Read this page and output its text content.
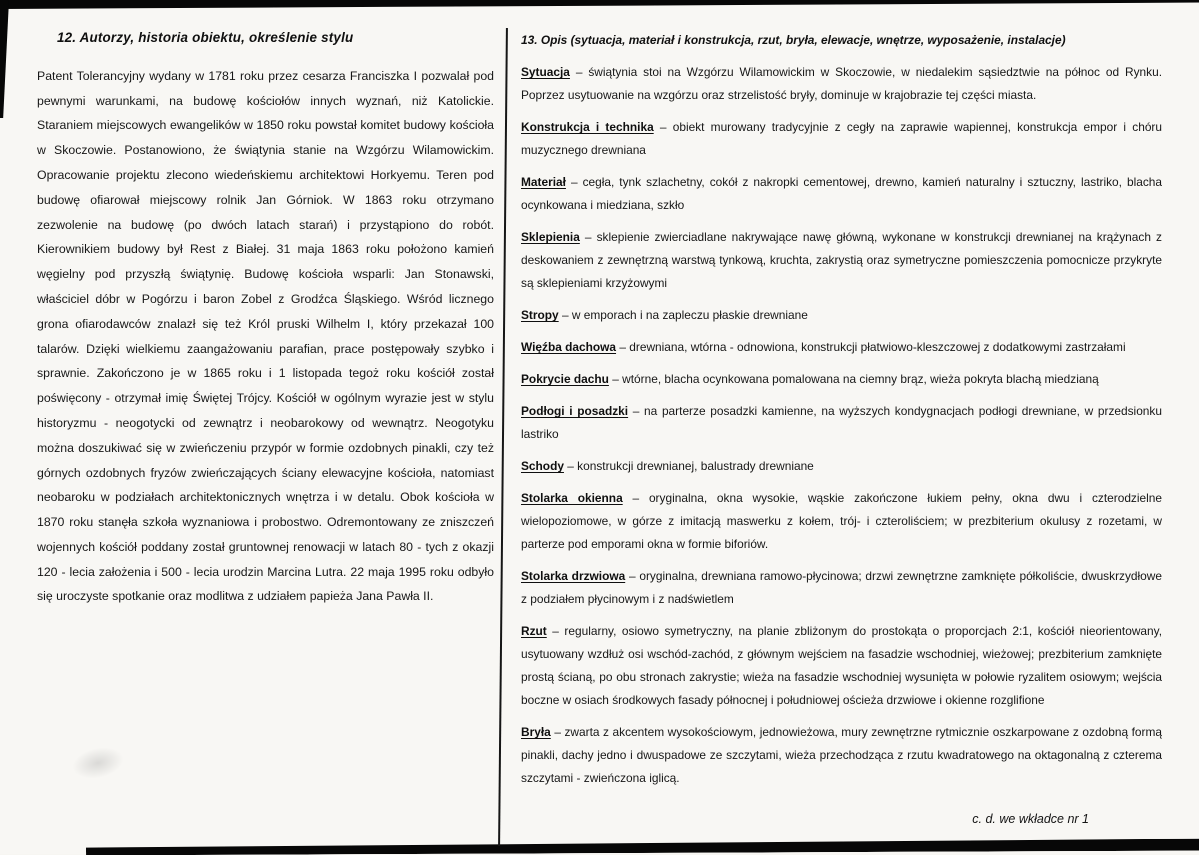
12. Autorzy, historia obiektu, określenie stylu

Patent Tolerancyjny wydany w 1781 roku przez cesarza Franciszka I pozwalał pod pewnymi warunkami, na budowę kościołów innych wyznań, niż Katolickie. Staraniem miejscowych ewangelików w 1850 roku powstał komitet budowy kościoła w Skoczowie. Postanowiono, że świątynia stanie na Wzgórzu Wilamowickim. Opracowanie projektu zlecono wiedeńskiemu architektowi Horkyemu. Teren pod budowę ofiarował miejscowy rolnik Jan Górniok. W 1863 roku otrzymano zezwolenie na budowę (po dwóch latach starań) i przystąpiono do robót. Kierownikiem budowy był Rest z Białej. 31 maja 1863 roku położono kamień węgielny pod przyszłą świątynię. Budowę kościoła wsparli: Jan Stonawski, właściciel dóbr w Pogórzu i baron Zobel z Grodźca Śląskiego. Wśród licznego grona ofiarodawców znalazł się też Król pruski Wilhelm I, który przekazał 100 talarów. Dzięki wielkiemu zaangażowaniu parafian, prace postępowały szybko i sprawnie. Zakończono je w 1865 roku i 1 listopada tegoż roku kościół został poświęcony - otrzymał imię Świętej Trójcy. Kościół w ogólnym wyrazie jest w stylu historyzmu - neogotycki od zewnątrz i neobarokowy od wewnątrz. Neogotyku można doszukiwać się w zwieńczeniu przypór w formie ozdobnych pinakli, czy też górnych ozdobnych fryzów zwieńczających ściany elewacyjne kościoła, natomiast neobaroku w podziałach architektonicznych wnętrza i w detalu. Obok kościoła w 1870 roku stanęła szkoła wyznaniowa i probostwo. Odremontowany ze zniszczeń wojennych kościół poddany został gruntownej renowacji w latach 80 - tych z okazji 120 - lecia założenia i 500 - lecia urodzin Marcina Lutra. 22 maja 1995 roku odbyło się uroczyste spotkanie oraz modlitwa z udziałem papieża Jana Pawła II.

13. Opis (sytuacja, materiał i konstrukcja, rzut, bryła, elewacje, wnętrze, wyposażenie, instalacje)

Sytuacja – świątynia stoi na Wzgórzu Wilamowickim w Skoczowie, w niedalekim sąsiedztwie na północ od Rynku. Poprzez usytuowanie na wzgórzu oraz strzelistość bryły, dominuje w krajobrazie tej części miasta.

Konstrukcja i technika – obiekt murowany tradycyjnie z cegły na zaprawie wapiennej, konstrukcja empor i chóru muzycznego drewniana

Materiał – cegła, tynk szlachetny, cokół z nakropki cementowej, drewno, kamień naturalny i sztuczny, lastriko, blacha ocynkowana i miedziana, szkło

Sklepienia – sklepienie zwierciadlane nakrywające nawę główną, wykonane w konstrukcji drewnianej na krążynach z deskowaniem z zewnętrzną warstwą tynkową, kruchta, zakrystią oraz symetryczne pomieszczenia pomocnicze przykryte są sklepieniami krzyżowymi

Stropy – w emporach i na zapleczu płaskie drewniane

Więźba dachowa – drewniana, wtórna - odnowiona, konstrukcji płatwiowo-kleszczowej z dodatkowymi zastrzałami

Pokrycie dachu – wtórne, blacha ocynkowana pomalowana na ciemny brąz, wieża pokryta blachą miedzianą

Podłogi i posadzki – na parterze posadzki kamienne, na wyższych kondygnacjach podłogi drewniane, w przedsionku lastriko

Schody – konstrukcji drewnianej, balustrady drewniane

Stolarka okienna – oryginalna, okna wysokie, wąskie zakończone łukiem pełny, okna dwu i czterodzielne wielopoziomowe, w górze z imitacją maswerku z kołem, trój- i czteroliściem; w prezbiterium okulusy z rozetami, w parterze pod emporami okna w formie biforiów.

Stolarka drzwiowa – oryginalna, drewniana ramowo-płycinowa; drzwi zewnętrzne zamknięte półkoliście, dwuskrzydłowe z podziałem płycinowym i z nadświetlem

Rzut – regularny, osiowo symetryczny, na planie zbliżonym do prostokąta o proporcjach 2:1, kościół nieorientowany, usytuowany wzdłuż osi wschód-zachód, z głównym wejściem na fasadzie wschodniej, wieżowej; prezbiterium zamknięte prostą ścianą, po obu stronach zakrystie; wieża na fasadzie wschodniej wysunięta w połowie ryzalitem osiowym; wejścia boczne w osiach środkowych fasady północnej i południowej ościeża drzwiowe i okienne rozglifione

Bryła – zwarta z akcentem wysokościowym, jednowieżowa, mury zewnętrzne rytmicznie oszkarpowane z ozdobną formą pinakli, dachy jedno i dwuspadowe ze szczytami, wieża przechodząca z rzutu kwadratowego na oktagonalną z czterema szczytami - zwieńczona iglicą.

c. d. we wkładce nr 1
